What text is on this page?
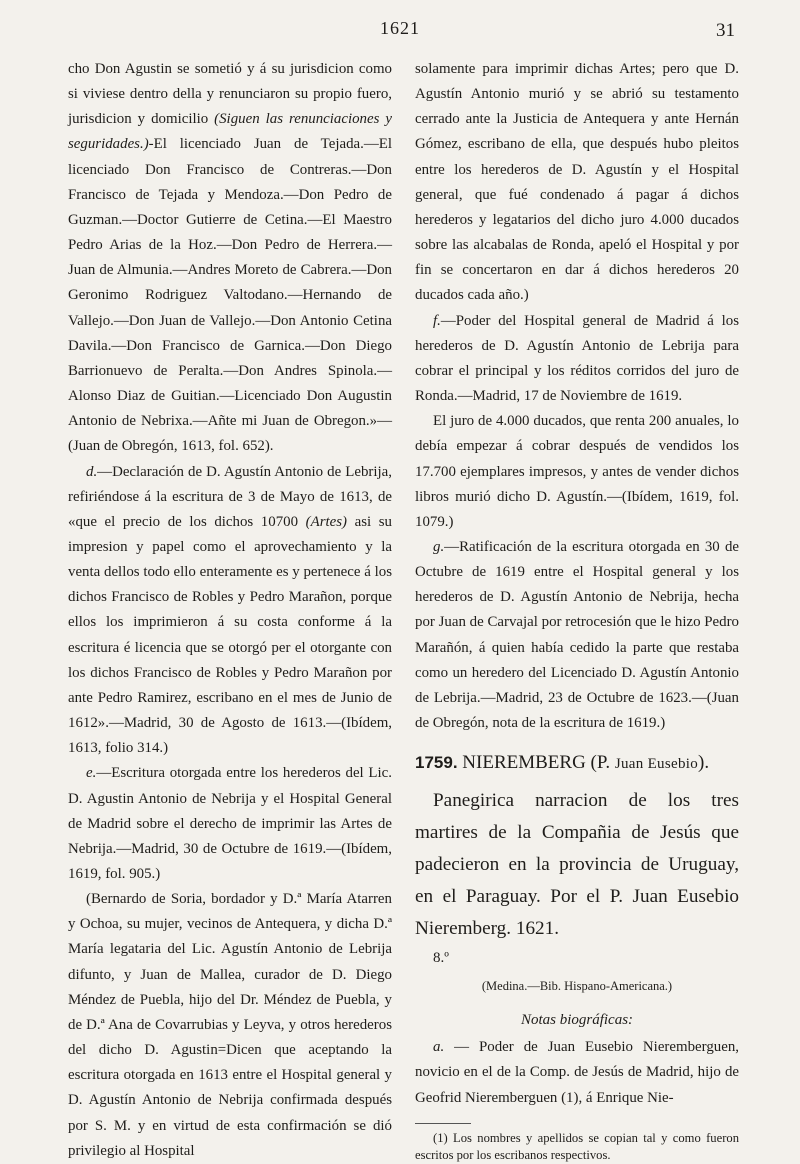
1621	31

cho Don Agustin se sometió y á su jurisdicion como si viviese dentro della y renunciaron su propio fuero, jurisdicion y domicilio (Siguen las renunciaciones y seguridades.)-El licenciado Juan de Tejada.—El licenciado Don Francisco de Contreras.—Don Francisco de Tejada y Mendoza.—Don Pedro de Guzman.—Doctor Gutierre de Cetina.—El Maestro Pedro Arias de la Hoz.—Don Pedro de Herrera.—Juan de Almunia.—Andres Moreto de Cabrera.—Don Geronimo Rodriguez Valtodano.—Hernando de Vallejo.—Don Juan de Vallejo.—Don Antonio Cetina Davila.—Don Francisco de Garnica.—Don Diego Barrionuevo de Peralta.—Don Andres Spinola.—Alonso Diaz de Guitian.—Licenciado Don Augustin Antonio de Nebrixa.—Añte mi Juan de Obregon.»—(Juan de Obregón, 1613, fol. 652).

d.—Declaración de D. Agustín Antonio de Lebrija, refiriéndose á la escritura de 3 de Mayo de 1613, de «que el precio de los dichos 10700 (Artes) asi su impresion y papel como el aprovechamiento y la venta dellos todo ello enteramente es y pertenece á los dichos Francisco de Robles y Pedro Marañon, porque ellos los imprimieron á su costa conforme á la escritura é licencia que se otorgó per el otorgante con los dichos Francisco de Robles y Pedro Marañon por ante Pedro Ramirez, escribano en el mes de Junio de 1612».—Madrid, 30 de Agosto de 1613.—(Ibídem, 1613, folio 314.)

e.—Escritura otorgada entre los herederos del Lic. D. Agustin Antonio de Nebrija y el Hospital General de Madrid sobre el derecho de imprimir las Artes de Nebrija.—Madrid, 30 de Octubre de 1619.—(Ibídem, 1619, fol. 905.)

(Bernardo de Soria, bordador y D.ª María Atarren y Ochoa, su mujer, vecinos de Antequera, y dicha D.ª María legataria del Lic. Agustín Antonio de Lebrija difunto, y Juan de Mallea, curador de D. Diego Méndez de Puebla, hijo del Dr. Méndez de Puebla, y de D.ª Ana de Covarrubias y Leyva, y otros herederos del dicho D. Agustin=Dicen que aceptando la escritura otorgada en 1613 entre el Hospital general y D. Agustín Antonio de Nebrija confirmada después por S. M. y en virtud de esta confirmación se dió privilegio al Hospital

solamente para imprimir dichas Artes; pero que D. Agustín Antonio murió y se abrió su testamento cerrado ante la Justicia de Antequera y ante Hernán Gómez, escribano de ella, que después hubo pleitos entre los herederos de D. Agustín y el Hospital general, que fué condenado á pagar á dichos herederos y legatarios del dicho juro 4.000 ducados sobre las alcabalas de Ronda, apeló el Hospital y por fin se concertaron en dar á dichos herederos 20 ducados cada año.)

f.—Poder del Hospital general de Madrid á los herederos de D. Agustín Antonio de Lebrija para cobrar el principal y los réditos corridos del juro de Ronda.—Madrid, 17 de Noviembre de 1619.

El juro de 4.000 ducados, que renta 200 anuales, lo debía empezar á cobrar después de vendidos los 17.700 ejemplares impresos, y antes de vender dichos libros murió dicho D. Agustín.—(Ibídem, 1619, fol. 1079.)

g.—Ratificación de la escritura otorgada en 30 de Octubre de 1619 entre el Hospital general y los herederos de D. Agustín Antonio de Nebrija, hecha por Juan de Carvajal por retrocesión que le hizo Pedro Marañón, á quien había cedido la parte que restaba como un heredero del Licenciado D. Agustín Antonio de Lebrija.—Madrid, 23 de Octubre de 1623.—(Juan de Obregón, nota de la escritura de 1619.)

1759. NIEREMBERG (P. Juan Eusebio).

Panegirica narracion de los tres martires de la Compañia de Jesús que padecieron en la provincia de Uruguay, en el Paraguay. Por el P. Juan Eusebio Nieremberg. 1621.

8.º

(Medina.—Bib. Hispano-Americana.)

Notas biográficas:

a. — Poder de Juan Eusebio Nieremberguen, novicio en el de la Comp. de Jesús de Madrid, hijo de Geofrid Nieremberguen (1), á Enrique Nie-

(1) Los nombres y apellidos se copian tal y como fueron escritos por los escribanos respectivos.
